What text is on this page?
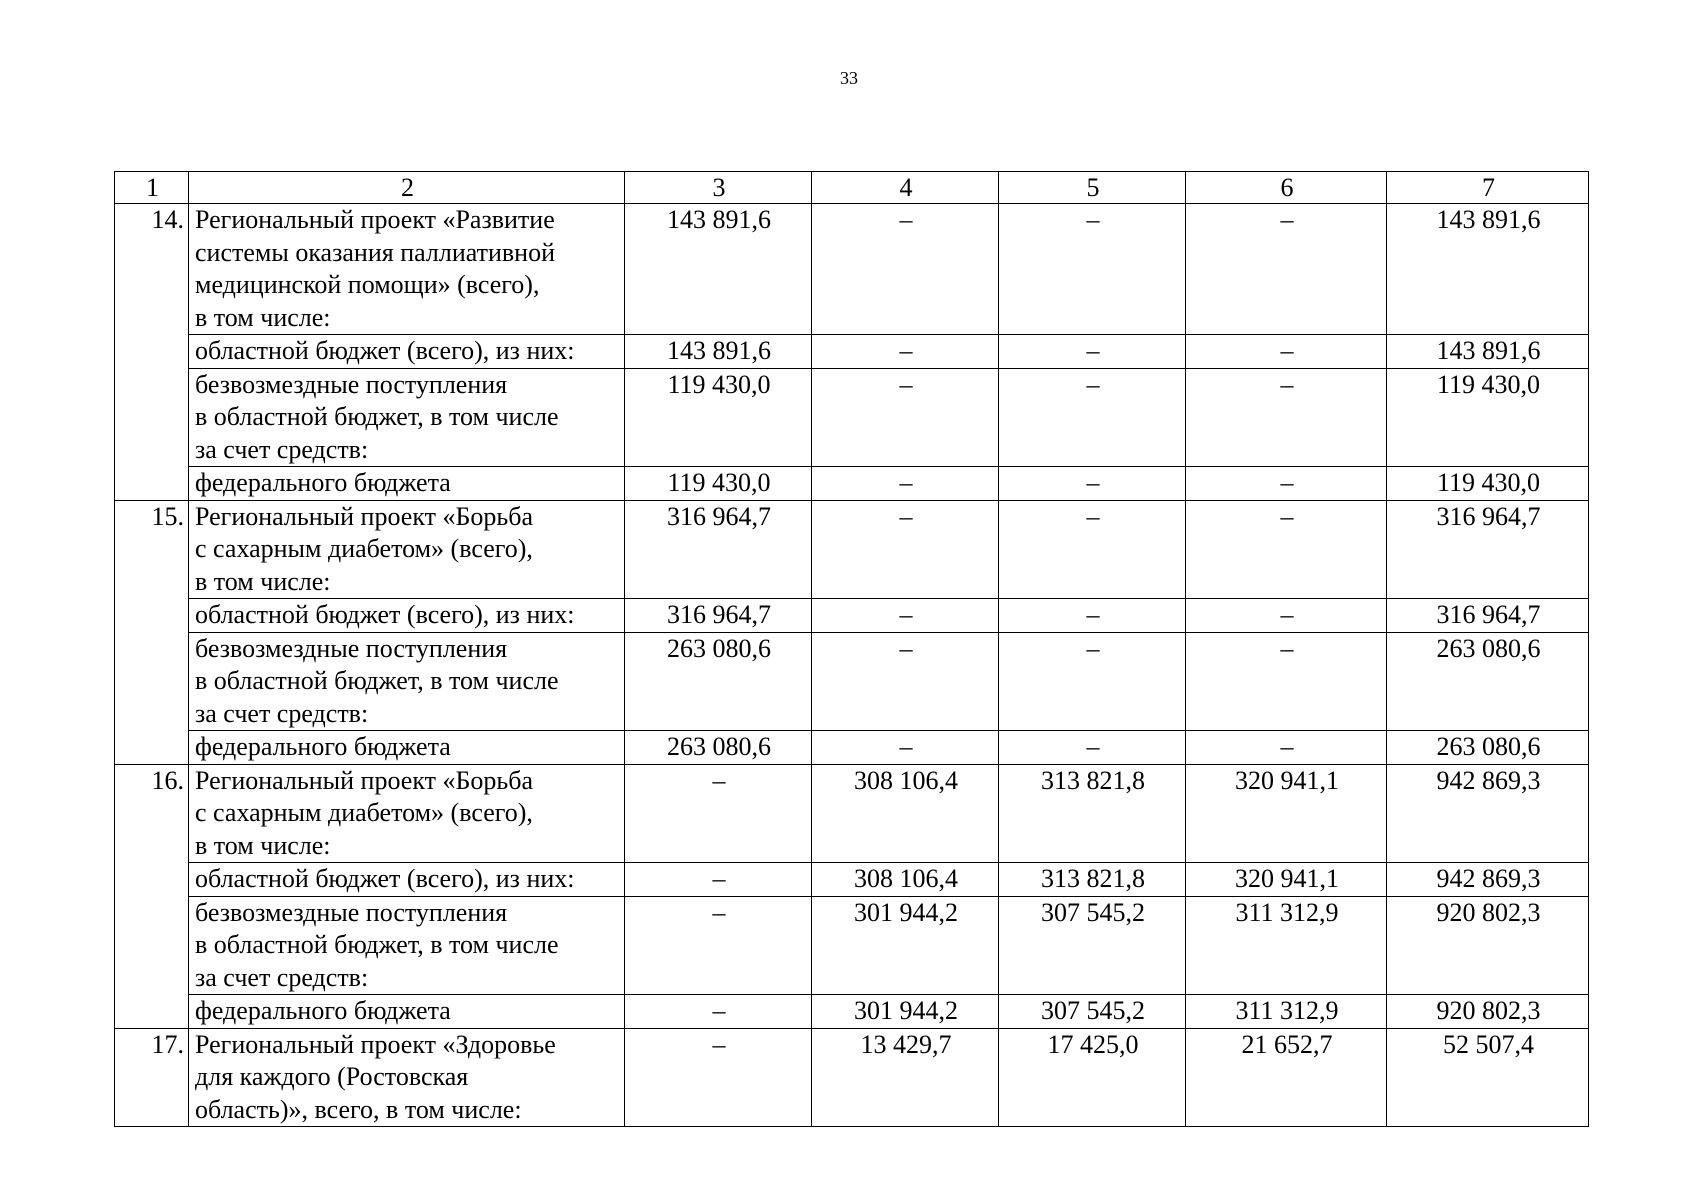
33
1	2	3	4	5	6	7
14.	Региональный проект «Развитие
системы оказания паллиативной
медицинской помощи» (всего),
в том числе:	143 891,6	–	–	–	143 891,6
	областной бюджет (всего), из них:	143 891,6	–	–	–	143 891,6
	безвозмездные поступления
в областной бюджет, в том числе
за счет средств:	119 430,0	–	–	–	119 430,0
	федерального бюджета	119 430,0	–	–	–	119 430,0
15.	Региональный проект «Борьба
с сахарным диабетом» (всего),
в том числе:	316 964,7	–	–	–	316 964,7
	областной бюджет (всего), из них:	316 964,7	–	–	–	316 964,7
	безвозмездные поступления
в областной бюджет, в том числе
за счет средств:	263 080,6	–	–	–	263 080,6
	федерального бюджета	263 080,6	–	–	–	263 080,6
16.	Региональный проект «Борьба
с сахарным диабетом» (всего),
в том числе:	–	308 106,4	313 821,8	320 941,1	942 869,3
	областной бюджет (всего), из них:	–	308 106,4	313 821,8	320 941,1	942 869,3
	безвозмездные поступления
в областной бюджет, в том числе
за счет средств:	–	301 944,2	307 545,2	311 312,9	920 802,3
	федерального бюджета	–	301 944,2	307 545,2	311 312,9	920 802,3
17.	Региональный проект «Здоровье
для каждого (Ростовская
область)», всего, в том числе:	–	13 429,7	17 425,0	21 652,7	52 507,4
